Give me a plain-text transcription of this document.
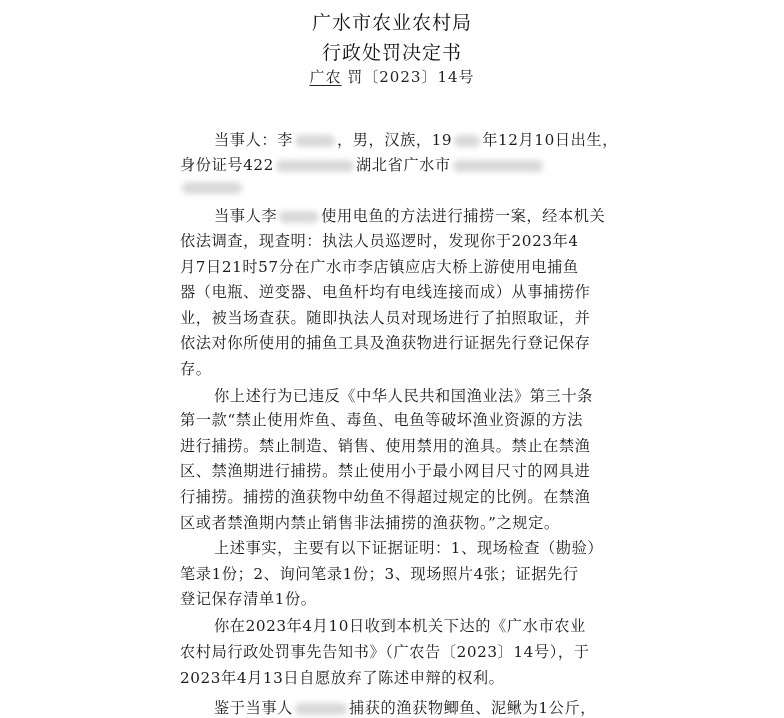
广水市农业农村局
行政处罚决定书
广农 罚〔2023〕14号
当事人：李	，男，汉族，19 年12月10日出生，
身份证号422	湖北省广水市
当事人李	使用电鱼的方法进行捕捞一案，经本机关
依法调查，现查明：执法人员巡逻时，发现你于2023年4
月7日21时57分在广水市李店镇应店大桥上游使用电捕鱼
器（电瓶、逆变器、电鱼杆均有电线连接而成）从事捕捞作
业，被当场查获。随即执法人员对现场进行了拍照取证，并
依法对你所使用的捕鱼工具及渔获物进行证据先行登记保存
存。
你上述行为已违反《中华人民共和国渔业法》第三十条
第一款“禁止使用炸鱼、毒鱼、电鱼等破坏渔业资源的方法
进行捕捞。禁止制造、销售、使用禁用的渔具。禁止在禁渔
区、禁渔期进行捕捞。禁止使用小于最小网目尺寸的网具进
行捕捞。捕捞的渔获物中幼鱼不得超过规定的比例。在禁渔
区或者禁渔期内禁止销售非法捕捞的渔获物。”之规定。
上述事实，主要有以下证据证明：1、现场检查（勘验）
笔录1份；2、询问笔录1份；3、现场照片4张；证据先行
登记保存清单1份。
你在2023年4月10日收到本机关下达的《广水市农业
农村局行政处罚事先告知书》（广农告〔2023〕14号），于
2023年4月13日自愿放弃了陈述申辩的权利。
鉴于当事人	捕获的渔获物鲫鱼、泥鳅为1公斤，
